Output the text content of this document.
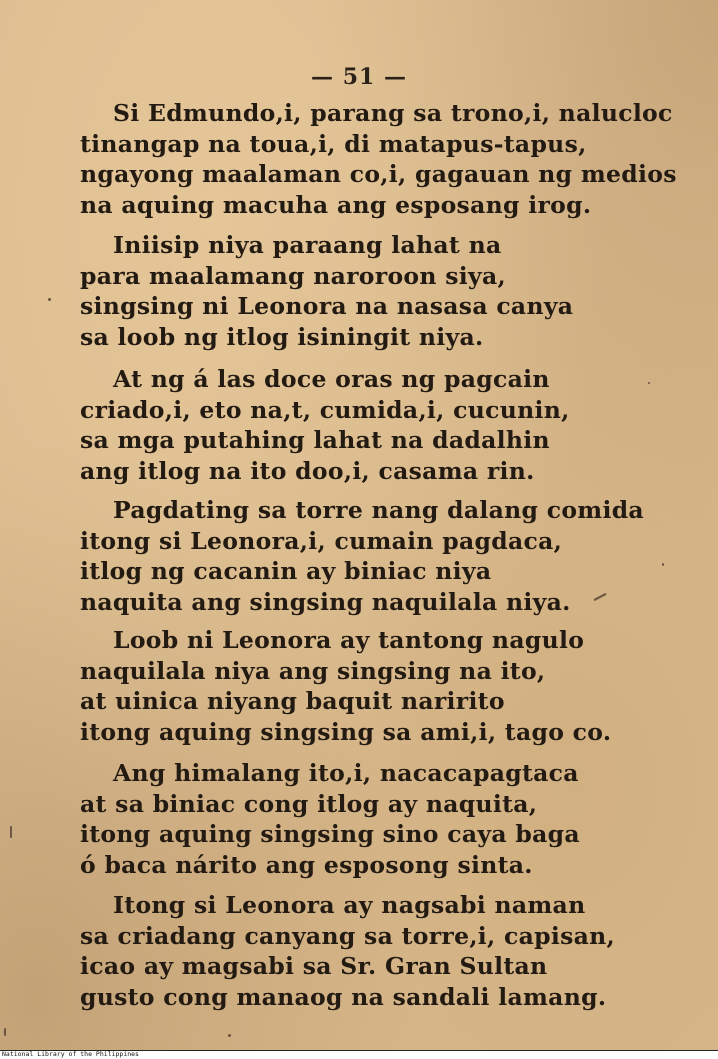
— 51 —
Si Edmundo,i, parang sa trono,i, nalucloc
tinangap na toua,i, di matapus-tapus,
ngayong maalaman co,i, gagauan ng medios
na aquing macuha ang esposang irog.
Iniisip niya paraang lahat na
para maalamang naroroon siya,
singsing ni Leonora na nasasa canya
sa loob ng itlog isiningit niya.
At ng á las doce oras ng pagcain
criado,i, eto na,t, cumida,i, cucunin,
sa mga putahing lahat na dadalhin
ang itlog na ito doo,i, casama rin.
Pagdating sa torre nang dalang comida
itong si Leonora,i, cumain pagdaca,
itlog ng cacanin ay biniac niya
naquita ang singsing naquilala niya.
Loob ni Leonora ay tantong nagulo
naquilala niya ang singsing na ito,
at uinica niyang baquit naririto
itong aquing singsing sa ami,i, tago co.
Ang himalang ito,i, nacacapagtaca
at sa biniac cong itlog ay naquita,
itong aquing singsing sino caya baga
ó baca nárito ang esposong sinta.
Itong si Leonora ay nagsabi naman
sa criadang canyang sa torre,i, capisan,
icao ay magsabi sa Sr. Gran Sultan
gusto cong manaog na sandali lamang.
National Library of the Philippines
